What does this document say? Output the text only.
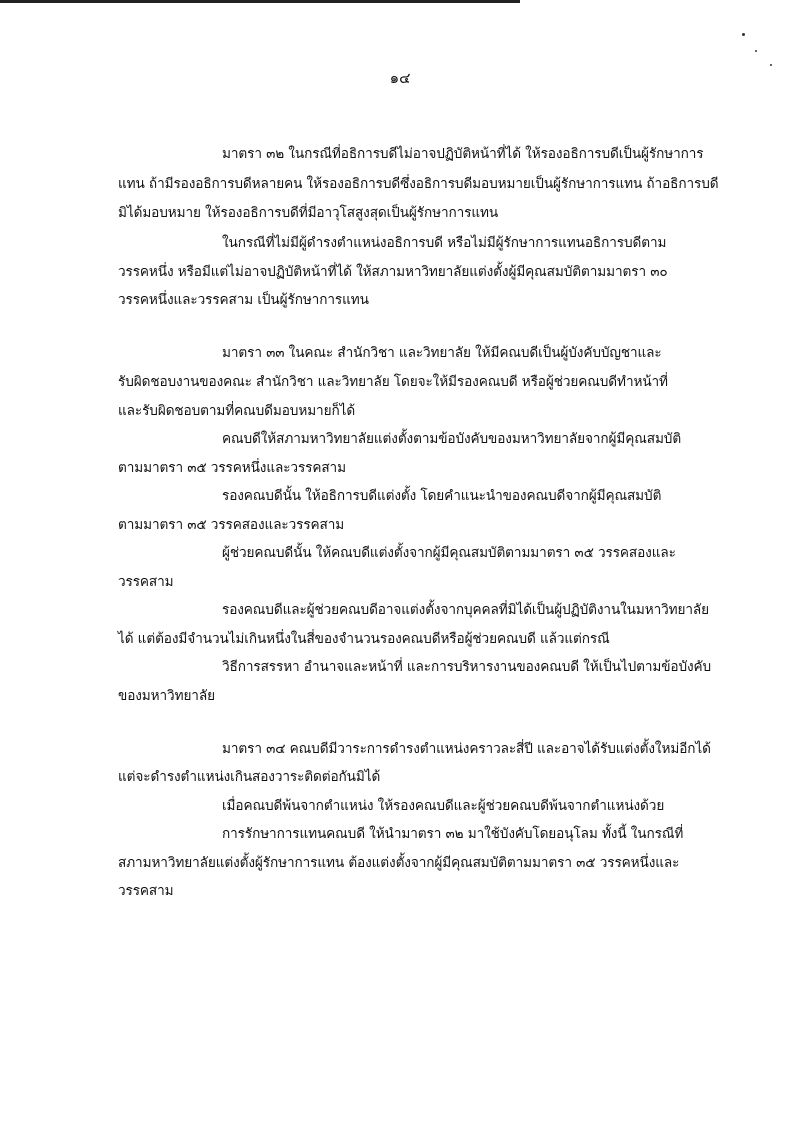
๑๔

มาตรา ๓๒ ในกรณีที่อธิการบดีไม่อาจปฏิบัติหน้าที่ได้ ให้รองอธิการบดีเป็นผู้รักษาการ

แทน ถ้ามีรองอธิการบดีหลายคน ให้รองอธิการบดีซึ่งอธิการบดีมอบหมายเป็นผู้รักษาการแทน ถ้าอธิการบดี

มิได้มอบหมาย ให้รองอธิการบดีที่มีอาวุโสสูงสุดเป็นผู้รักษาการแทน

ในกรณีที่ไม่มีผู้ดำรงตำแหน่งอธิการบดี หรือไม่มีผู้รักษาการแทนอธิการบดีตาม

วรรคหนึ่ง หรือมีแต่ไม่อาจปฏิบัติหน้าที่ได้ ให้สภามหาวิทยาลัยแต่งตั้งผู้มีคุณสมบัติตามมาตรา ๓๐

วรรคหนึ่งและวรรคสาม เป็นผู้รักษาการแทน

มาตรา ๓๓ ในคณะ สำนักวิชา และวิทยาลัย ให้มีคณบดีเป็นผู้บังคับบัญชาและ

รับผิดชอบงานของคณะ สำนักวิชา และวิทยาลัย โดยจะให้มีรองคณบดี หรือผู้ช่วยคณบดีทำหน้าที่

และรับผิดชอบตามที่คณบดีมอบหมายก็ได้

คณบดีให้สภามหาวิทยาลัยแต่งตั้งตามข้อบังคับของมหาวิทยาลัยจากผู้มีคุณสมบัติ

ตามมาตรา ๓๕ วรรคหนึ่งและวรรคสาม

รองคณบดีนั้น ให้อธิการบดีแต่งตั้ง โดยคำแนะนำของคณบดีจากผู้มีคุณสมบัติ

ตามมาตรา ๓๕ วรรคสองและวรรคสาม

ผู้ช่วยคณบดีนั้น ให้คณบดีแต่งตั้งจากผู้มีคุณสมบัติตามมาตรา ๓๕ วรรคสองและ

วรรคสาม

รองคณบดีและผู้ช่วยคณบดีอาจแต่งตั้งจากบุคคลที่มิได้เป็นผู้ปฏิบัติงานในมหาวิทยาลัย

ได้ แต่ต้องมีจำนวนไม่เกินหนึ่งในสี่ของจำนวนรองคณบดีหรือผู้ช่วยคณบดี แล้วแต่กรณี

วิธีการสรรหา อำนาจและหน้าที่ และการบริหารงานของคณบดี ให้เป็นไปตามข้อบังคับ

ของมหาวิทยาลัย

มาตรา ๓๔ คณบดีมีวาระการดำรงตำแหน่งคราวละสี่ปี และอาจได้รับแต่งตั้งใหม่อีกได้

แต่จะดำรงตำแหน่งเกินสองวาระติดต่อกันมิได้

เมื่อคณบดีพ้นจากตำแหน่ง ให้รองคณบดีและผู้ช่วยคณบดีพ้นจากตำแหน่งด้วย

การรักษาการแทนคณบดี ให้นำมาตรา ๓๒ มาใช้บังคับโดยอนุโลม ทั้งนี้ ในกรณีที่

สภามหาวิทยาลัยแต่งตั้งผู้รักษาการแทน ต้องแต่งตั้งจากผู้มีคุณสมบัติตามมาตรา ๓๕ วรรคหนึ่งและ

วรรคสาม
